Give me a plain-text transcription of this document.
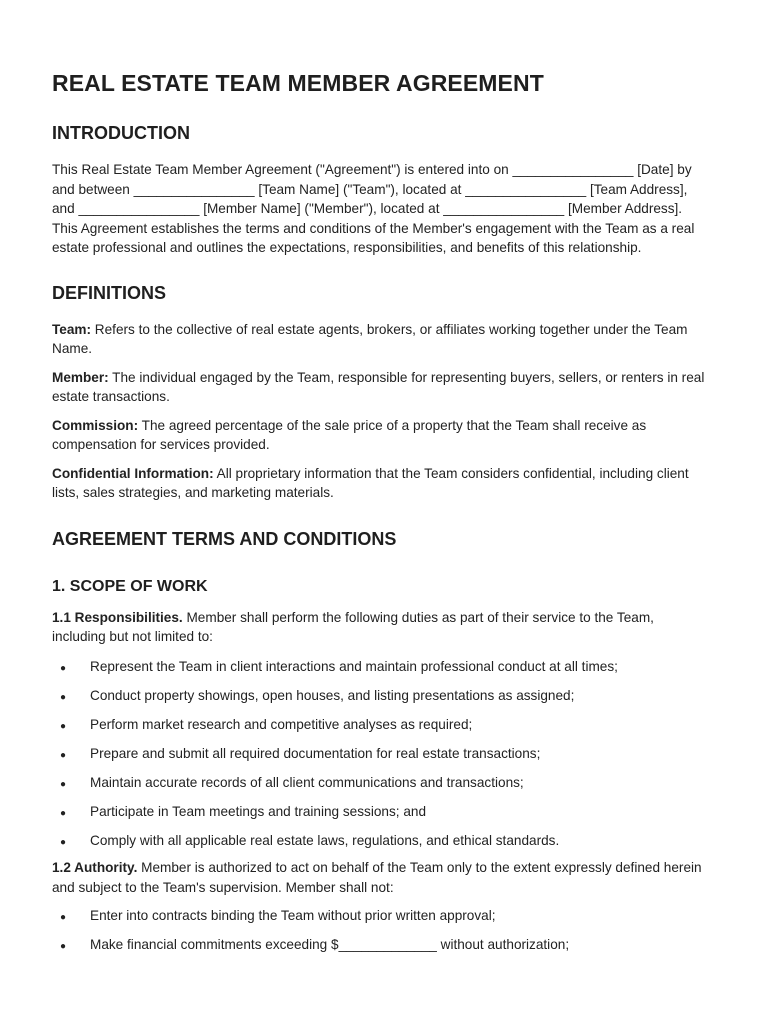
REAL ESTATE TEAM MEMBER AGREEMENT
INTRODUCTION

This Real Estate Team Member Agreement ("Agreement") is entered into on ________________ [Date] by and between ________________ [Team Name] ("Team"), located at ________________ [Team Address], and ________________ [Member Name] ("Member"), located at ________________ [Member Address]. This Agreement establishes the terms and conditions of the Member's engagement with the Team as a real estate professional and outlines the expectations, responsibilities, and benefits of this relationship.

DEFINITIONS

Team: Refers to the collective of real estate agents, brokers, or affiliates working together under the Team Name.

Member: The individual engaged by the Team, responsible for representing buyers, sellers, or renters in real estate transactions.

Commission: The agreed percentage of the sale price of a property that the Team shall receive as compensation for services provided.

Confidential Information: All proprietary information that the Team considers confidential, including client lists, sales strategies, and marketing materials.

AGREEMENT TERMS AND CONDITIONS
1. SCOPE OF WORK

1.1 Responsibilities. Member shall perform the following duties as part of their service to the Team, including but not limited to:

● Represent the Team in client interactions and maintain professional conduct at all times;
● Conduct property showings, open houses, and listing presentations as assigned;
● Perform market research and competitive analyses as required;
● Prepare and submit all required documentation for real estate transactions;
● Maintain accurate records of all client communications and transactions;
● Participate in Team meetings and training sessions; and
● Comply with all applicable real estate laws, regulations, and ethical standards.

1.2 Authority. Member is authorized to act on behalf of the Team only to the extent expressly defined herein and subject to the Team's supervision. Member shall not:

● Enter into contracts binding the Team without prior written approval;
● Make financial commitments exceeding $_____________ without authorization;
